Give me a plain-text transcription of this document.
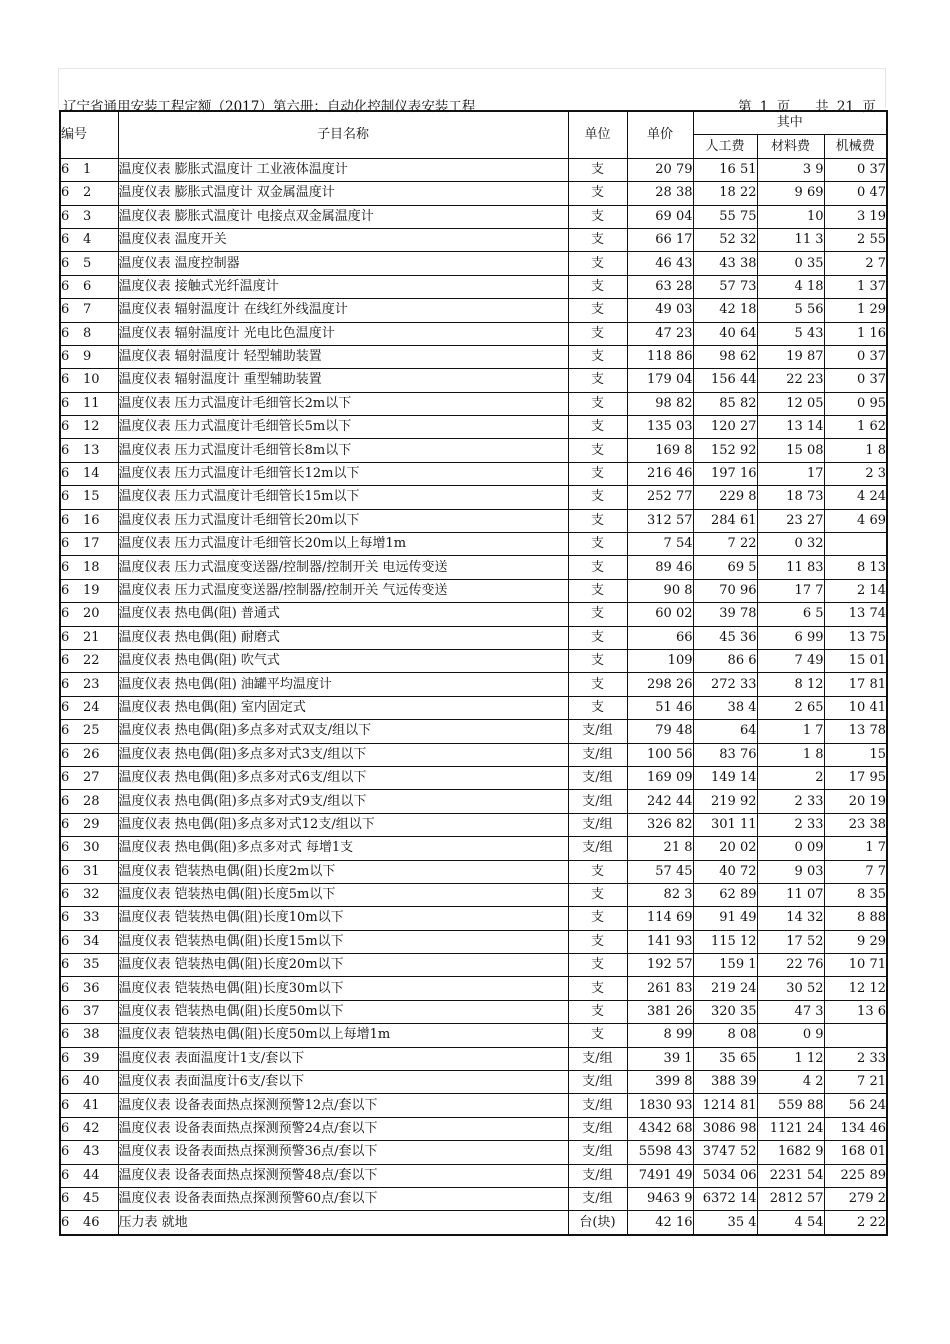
辽宁省通用安装工程定额（2017）第六册：自动化控制仪表安装工程	第 1 页 共 21 页
编号	子目名称	单位	单价	其中		
				人工费	材料费	机械费
6 1	温度仪表 膨胀式温度计 工业液体温度计	支	20 79	16 51	3 9	0 37
6 2	温度仪表 膨胀式温度计 双金属温度计	支	28 38	18 22	9 69	0 47
6 3	温度仪表 膨胀式温度计 电接点双金属温度计	支	69 04	55 75	10	3 19
6 4	温度仪表 温度开关	支	66 17	52 32	11 3	2 55
6 5	温度仪表 温度控制器	支	46 43	43 38	0 35	2 7
6 6	温度仪表 接触式光纤温度计	支	63 28	57 73	4 18	1 37
6 7	温度仪表 辐射温度计 在线红外线温度计	支	49 03	42 18	5 56	1 29
6 8	温度仪表 辐射温度计 光电比色温度计	支	47 23	40 64	5 43	1 16
6 9	温度仪表 辐射温度计 轻型辅助装置	支	118 86	98 62	19 87	0 37
6 10	温度仪表 辐射温度计 重型辅助装置	支	179 04	156 44	22 23	0 37
6 11	温度仪表 压力式温度计毛细管长2m以下	支	98 82	85 82	12 05	0 95
6 12	温度仪表 压力式温度计毛细管长5m以下	支	135 03	120 27	13 14	1 62
6 13	温度仪表 压力式温度计毛细管长8m以下	支	169 8	152 92	15 08	1 8
6 14	温度仪表 压力式温度计毛细管长12m以下	支	216 46	197 16	17	2 3
6 15	温度仪表 压力式温度计毛细管长15m以下	支	252 77	229 8	18 73	4 24
6 16	温度仪表 压力式温度计毛细管长20m以下	支	312 57	284 61	23 27	4 69
6 17	温度仪表 压力式温度计毛细管长20m以上每增1m	支	7 54	7 22	0 32	
6 18	温度仪表 压力式温度变送器/控制器/控制开关 电远传变送	支	89 46	69 5	11 83	8 13
6 19	温度仪表 压力式温度变送器/控制器/控制开关 气远传变送	支	90 8	70 96	17 7	2 14
6 20	温度仪表 热电偶(阻) 普通式	支	60 02	39 78	6 5	13 74
6 21	温度仪表 热电偶(阻) 耐磨式	支	66	45 36	6 99	13 75
6 22	温度仪表 热电偶(阻) 吹气式	支	109	86 6	7 49	15 01
6 23	温度仪表 热电偶(阻) 油罐平均温度计	支	298 26	272 33	8 12	17 81
6 24	温度仪表 热电偶(阻) 室内固定式	支	51 46	38 4	2 65	10 41
6 25	温度仪表 热电偶(阻)多点多对式双支/组以下	支/组	79 48	64	1 7	13 78
6 26	温度仪表 热电偶(阻)多点多对式3支/组以下	支/组	100 56	83 76	1 8	15
6 27	温度仪表 热电偶(阻)多点多对式6支/组以下	支/组	169 09	149 14	2	17 95
6 28	温度仪表 热电偶(阻)多点多对式9支/组以下	支/组	242 44	219 92	2 33	20 19
6 29	温度仪表 热电偶(阻)多点多对式12支/组以下	支/组	326 82	301 11	2 33	23 38
6 30	温度仪表 热电偶(阻)多点多对式 每增1支	支/组	21 8	20 02	0 09	1 7
6 31	温度仪表 铠装热电偶(阻)长度2m以下	支	57 45	40 72	9 03	7 7
6 32	温度仪表 铠装热电偶(阻)长度5m以下	支	82 3	62 89	11 07	8 35
6 33	温度仪表 铠装热电偶(阻)长度10m以下	支	114 69	91 49	14 32	8 88
6 34	温度仪表 铠装热电偶(阻)长度15m以下	支	141 93	115 12	17 52	9 29
6 35	温度仪表 铠装热电偶(阻)长度20m以下	支	192 57	159 1	22 76	10 71
6 36	温度仪表 铠装热电偶(阻)长度30m以下	支	261 83	219 24	30 52	12 12
6 37	温度仪表 铠装热电偶(阻)长度50m以下	支	381 26	320 35	47 3	13 6
6 38	温度仪表 铠装热电偶(阻)长度50m以上每增1m	支	8 99	8 08	0 9	
6 39	温度仪表 表面温度计1支/套以下	支/组	39 1	35 65	1 12	2 33
6 40	温度仪表 表面温度计6支/套以下	支/组	399 8	388 39	4 2	7 21
6 41	温度仪表 设备表面热点探测预警12点/套以下	支/组	1830 93	1214 81	559 88	56 24
6 42	温度仪表 设备表面热点探测预警24点/套以下	支/组	4342 68	3086 98	1121 24	134 46
6 43	温度仪表 设备表面热点探测预警36点/套以下	支/组	5598 43	3747 52	1682 9	168 01
6 44	温度仪表 设备表面热点探测预警48点/套以下	支/组	7491 49	5034 06	2231 54	225 89
6 45	温度仪表 设备表面热点探测预警60点/套以下	支/组	9463 9	6372 14	2812 57	279 2
6 46	压力表 就地	台(块)	42 16	35 4	4 54	2 22
